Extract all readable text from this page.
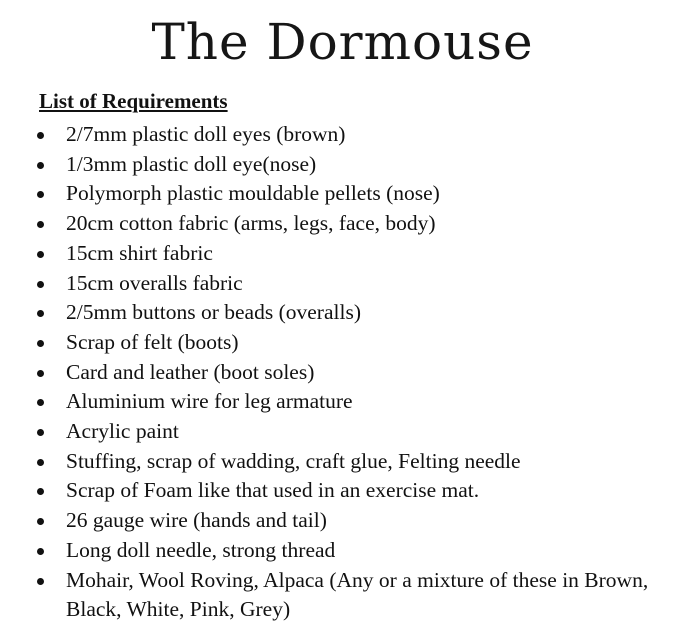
The Dormouse
List of Requirements
2/7mm plastic doll eyes (brown)
1/3mm plastic doll eye(nose)
Polymorph plastic mouldable pellets (nose)
20cm cotton fabric (arms, legs, face, body)
15cm shirt fabric
15cm overalls fabric
2/5mm buttons or beads (overalls)
Scrap of felt (boots)
Card and leather (boot soles)
Aluminium wire for leg armature
Acrylic paint
Stuffing, scrap of wadding, craft glue, Felting needle
Scrap of Foam like that used in an exercise mat.
26 gauge wire (hands and tail)
Long doll needle, strong thread
Mohair, Wool Roving, Alpaca (Any or a mixture of these in Brown, Black, White, Pink, Grey)
